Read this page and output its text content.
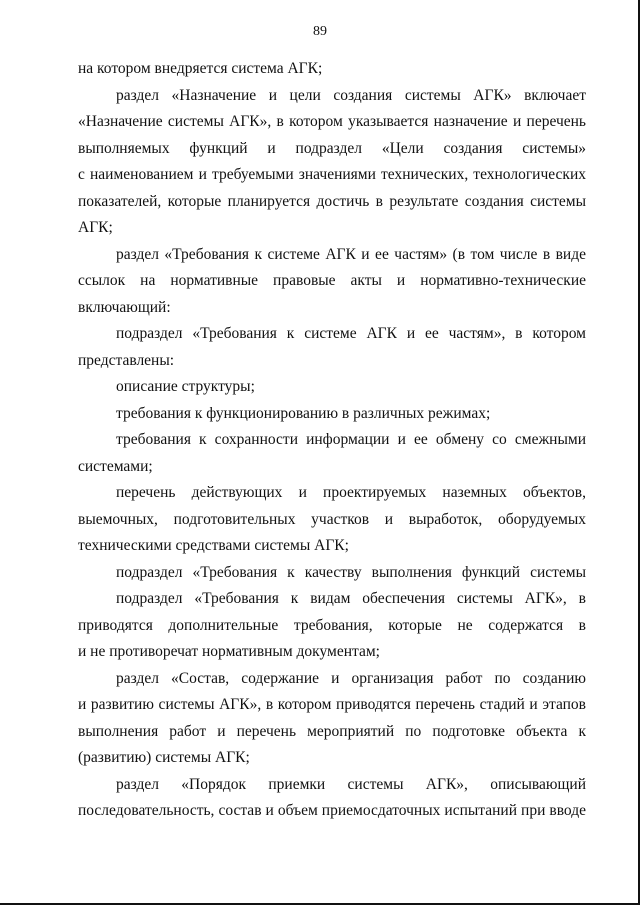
89
на котором внедряется система АГК;
раздел «Назначение и цели создания системы АГК» включает
«Назначение системы АГК», в котором указывается назначение и перечень
выполняемых функций и подраздел «Цели создания системы»
с наименованием и требуемыми значениями технических, технологических
показателей, которые планируется достичь в результате создания системы
АГК;
раздел «Требования к системе АГК и ее частям» (в том числе в виде
ссылок на нормативные правовые акты и нормативно-технические
включающий:
подраздел «Требования к системе АГК и ее частям», в котором
представлены:
описание структуры;
требования к функционированию в различных режимах;
требования к сохранности информации и ее обмену со смежными
системами;
перечень действующих и проектируемых наземных объектов,
выемочных, подготовительных участков и выработок, оборудуемых
техническими средствами системы АГК;
подраздел «Требования к качеству выполнения функций системы
подраздел «Требования к видам обеспечения системы АГК», в
приводятся дополнительные требования, которые не содержатся в
и не противоречат нормативным документам;
раздел «Состав, содержание и организация работ по созданию
и развитию системы АГК», в котором приводятся перечень стадий и этапов
выполнения работ и перечень мероприятий по подготовке объекта к
(развитию) системы АГК;
раздел «Порядок приемки системы АГК», описывающий
последовательность, состав и объем приемосдаточных испытаний при вводе
